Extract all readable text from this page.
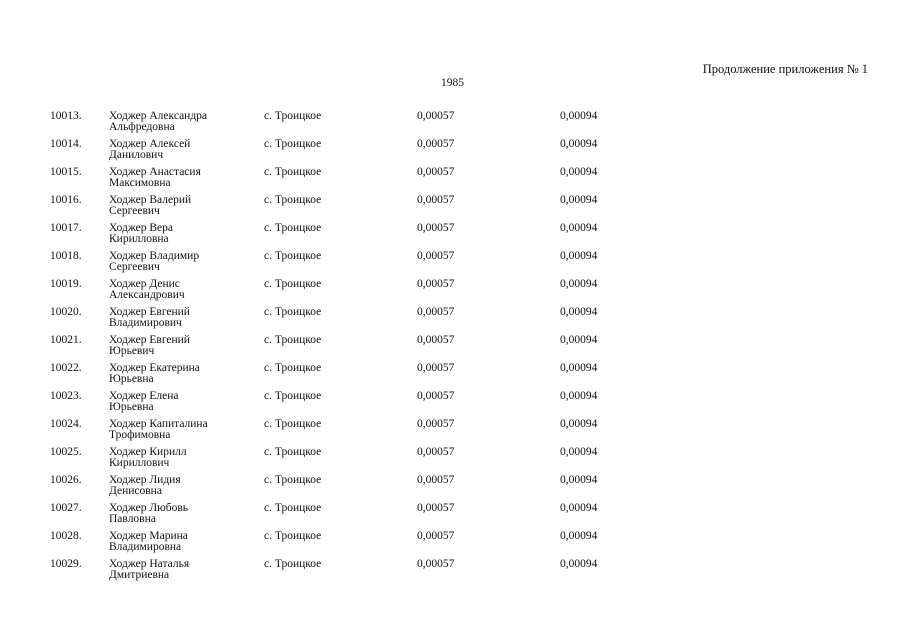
Продолжение приложения № 1
1985
10013. Ходжер Александра
Альфредовна
с. Троицкое	0,00057	0,00094
10014. Ходжер Алексей
Данилович
с. Троицкое	0,00057	0,00094
10015. Ходжер Анастасия
Максимовна
с. Троицкое	0,00057	0,00094
10016. Ходжер Валерий
Сергеевич
с. Троицкое	0,00057	0,00094
10017. Ходжер Вера
Кирилловна
с. Троицкое	0,00057	0,00094
10018. Ходжер Владимир
Сергеевич
с. Троицкое	0,00057	0,00094
10019. Ходжер Денис
Александрович
с. Троицкое	0,00057	0,00094
10020. Ходжер Евгений
Владимирович
с. Троицкое	0,00057	0,00094
10021. Ходжер Евгений
Юрьевич
с. Троицкое	0,00057	0,00094
10022. Ходжер Екатерина
Юрьевна
с. Троицкое	0,00057	0,00094
10023. Ходжер Елена
Юрьевна
с. Троицкое	0,00057	0,00094
10024. Ходжер Капиталина
Трофимовна
с. Троицкое	0,00057	0,00094
10025. Ходжер Кирилл
Кириллович
с. Троицкое	0,00057	0,00094
10026. Ходжер Лидия
Денисовна
с. Троицкое	0,00057	0,00094
10027. Ходжер Любовь
Павловна
с. Троицкое	0,00057	0,00094
10028. Ходжер Марина
Владимировна
с. Троицкое	0,00057	0,00094
10029. Ходжер Наталья
Дмитриевна
с. Троицкое	0,00057	0,00094
